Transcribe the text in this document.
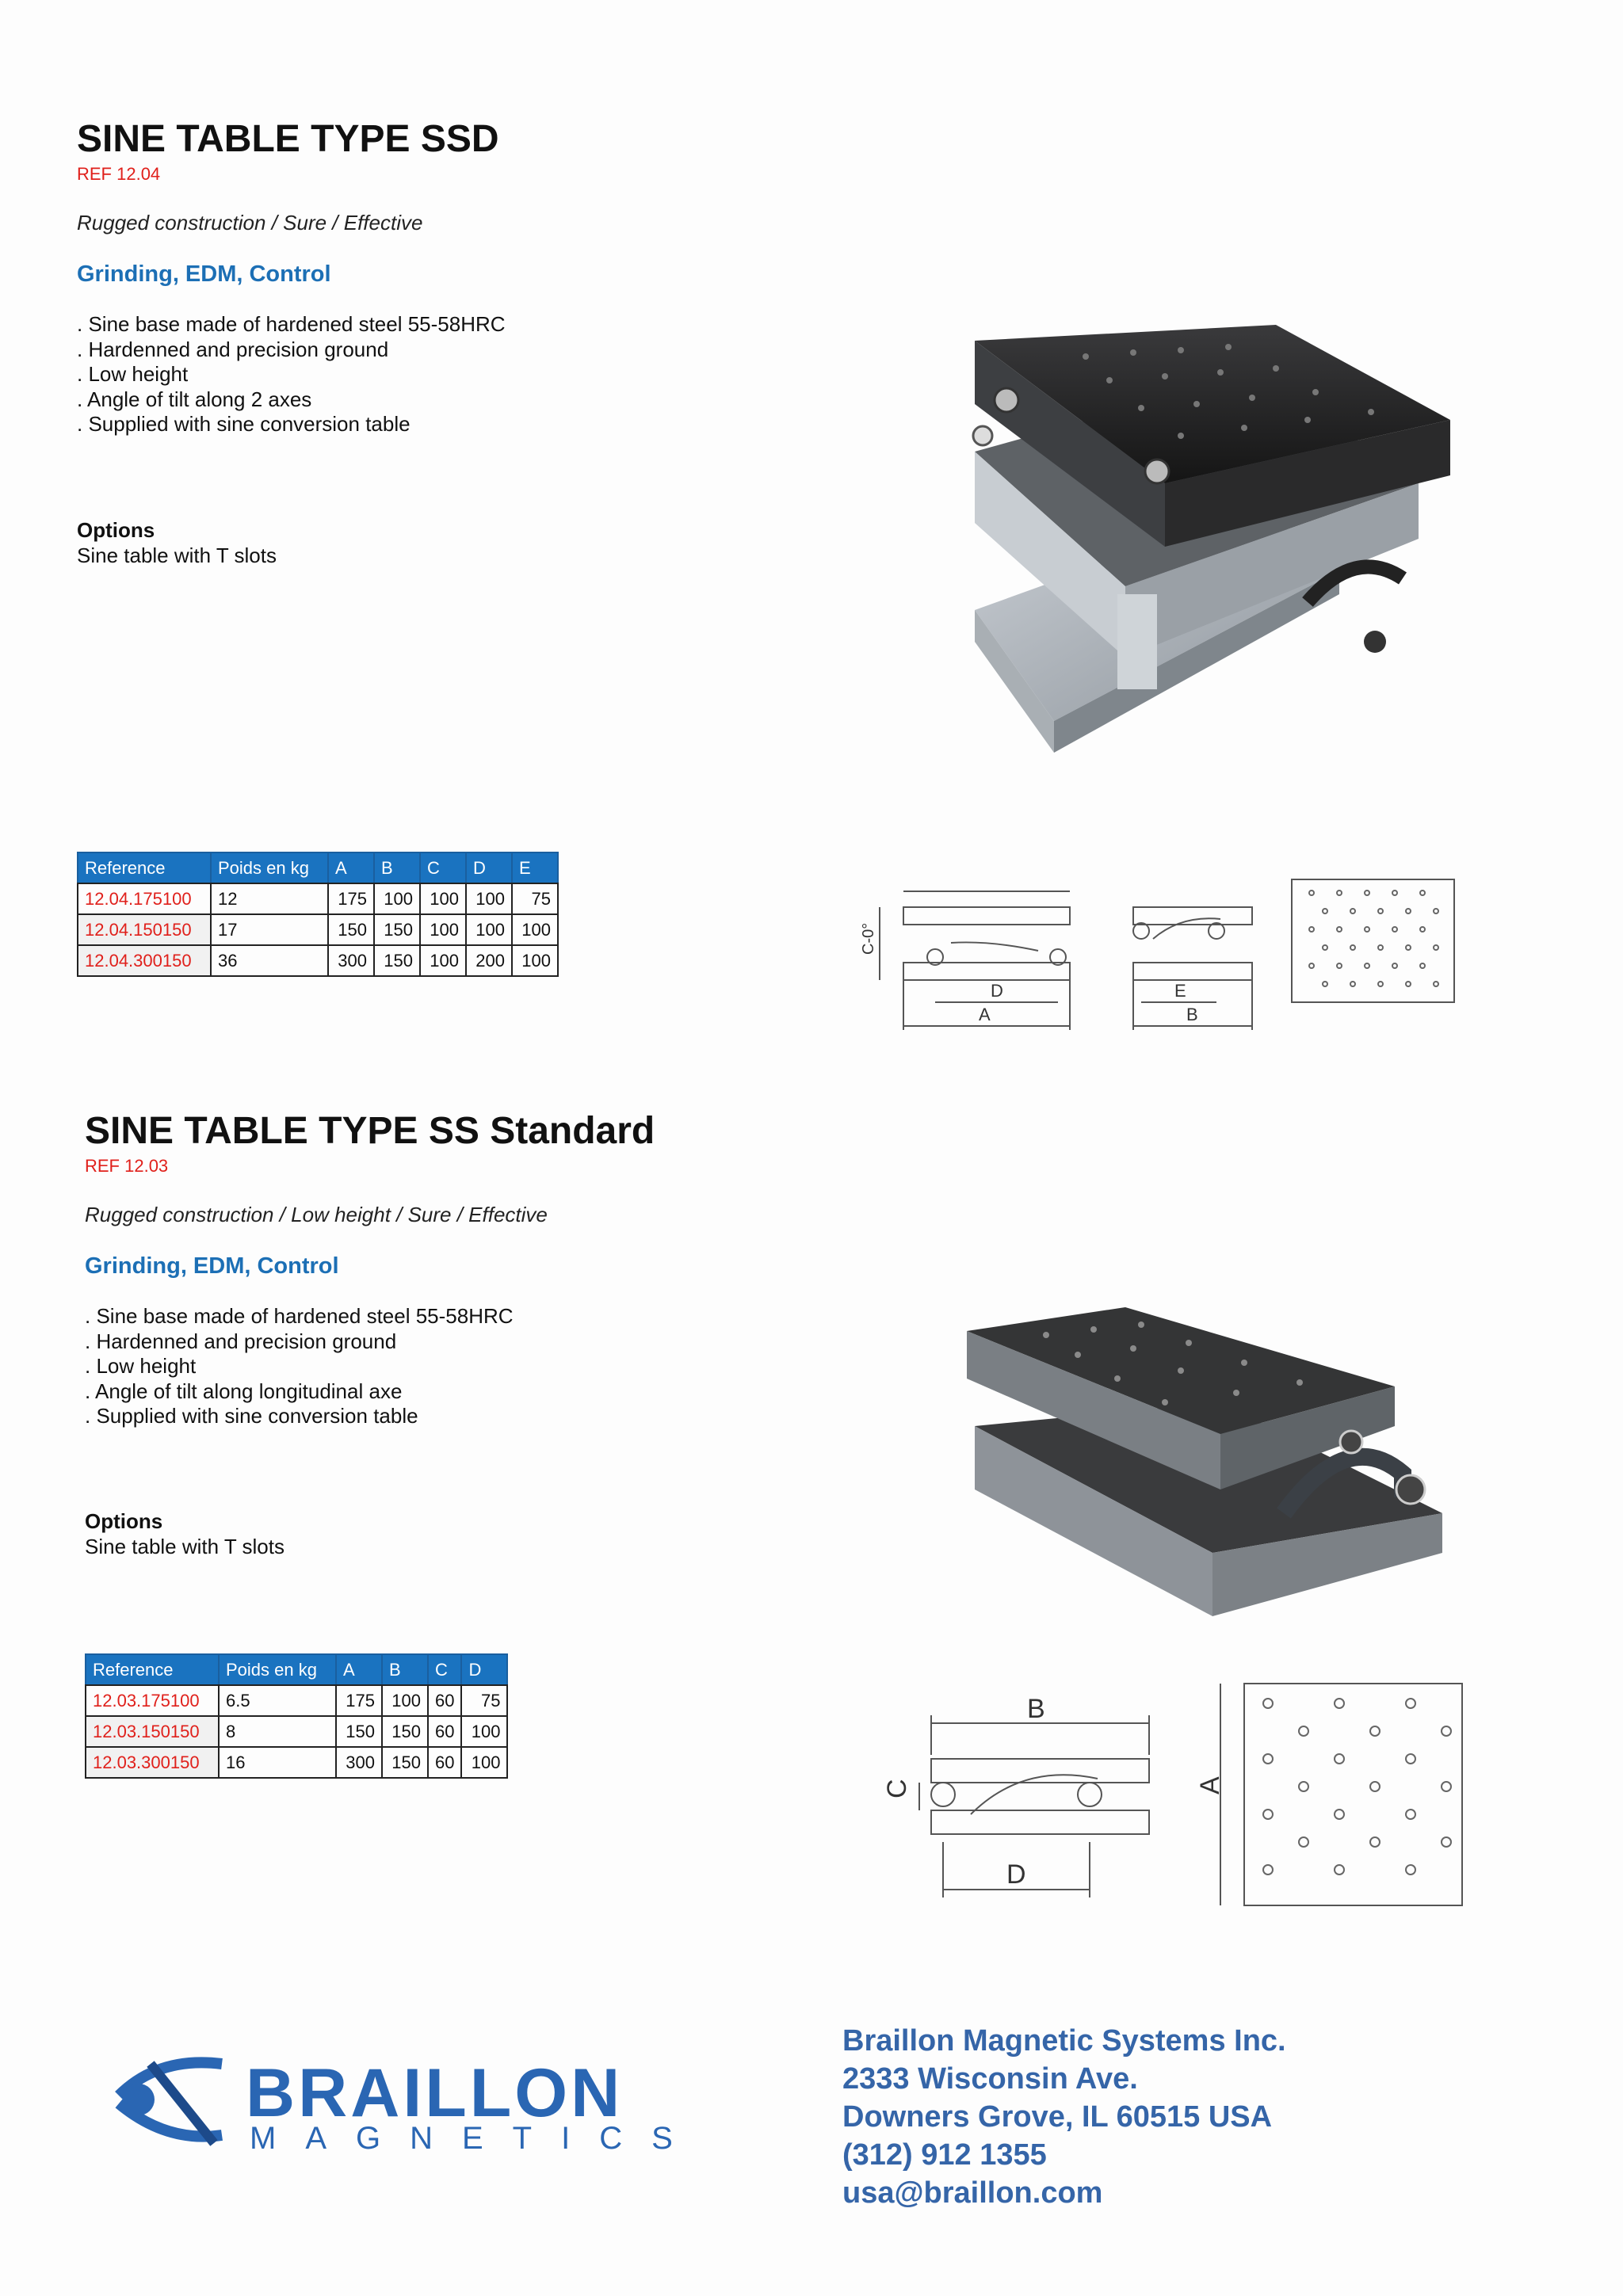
SINE TABLE TYPE SSD
REF 12.04
Rugged construction / Sure / Effective
Grinding, EDM, Control
. Sine base made of hardened steel 55-58HRC
. Hardenned and precision ground
. Low height
. Angle of tilt along 2 axes
. Supplied with sine conversion table
Options
Sine table with T slots
Reference	Poids en kg	A	B	C	D	E
12.04.175100	12	175	100	100	100	75
12.04.150150	17	150	150	100	100	100
12.04.300150	36	300	150	100	200	100
C-0°
D
A
E
B
SINE TABLE TYPE SS Standard
REF 12.03
Rugged construction / Low height / Sure / Effective
Grinding, EDM, Control
. Sine base made of hardened steel 55-58HRC
. Hardenned and precision ground
. Low height
. Angle of tilt along longitudinal axe
. Supplied with sine conversion table
Options
Sine table with T slots
Reference	Poids en kg	A	B	C	D
12.03.175100	6.5	175	100	60	75
12.03.150150	8	150	150	60	100
12.03.300150	16	300	150	60	100
B
C
D
A
BRAILLON
MAGNETICS
Braillon Magnetic Systems Inc.
2333 Wisconsin Ave.
Downers Grove, IL 60515 USA
(312) 912 1355
usa@braillon.com
